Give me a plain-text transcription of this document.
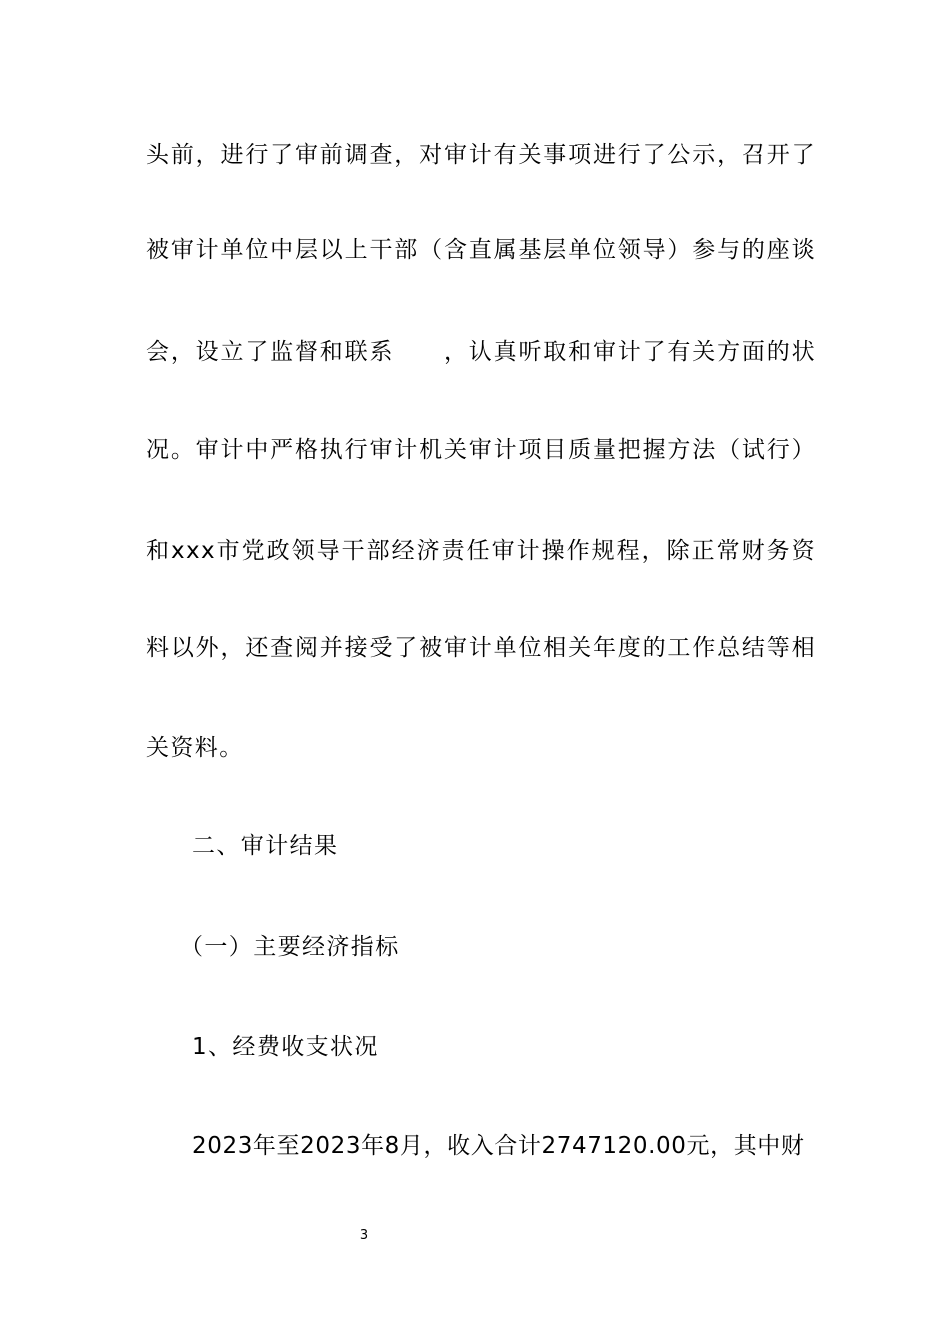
头前，进行了审前调查，对审计有关事项进行了公示，召开了
被审计单位中层以上干部（含直属基层单位领导）参与的座谈
会，设立了监督和联系　　，认真听取和审计了有关方面的状
况。审计中严格执行审计机关审计项目质量把握方法（试行）
和xxx市党政领导干部经济责任审计操作规程，除正常财务资
料以外，还查阅并接受了被审计单位相关年度的工作总结等相
关资料。
二、审计结果
（一）主要经济指标
1、经费收支状况
2023年至2023年8月，收入合计2747120.00元，其中财
3
